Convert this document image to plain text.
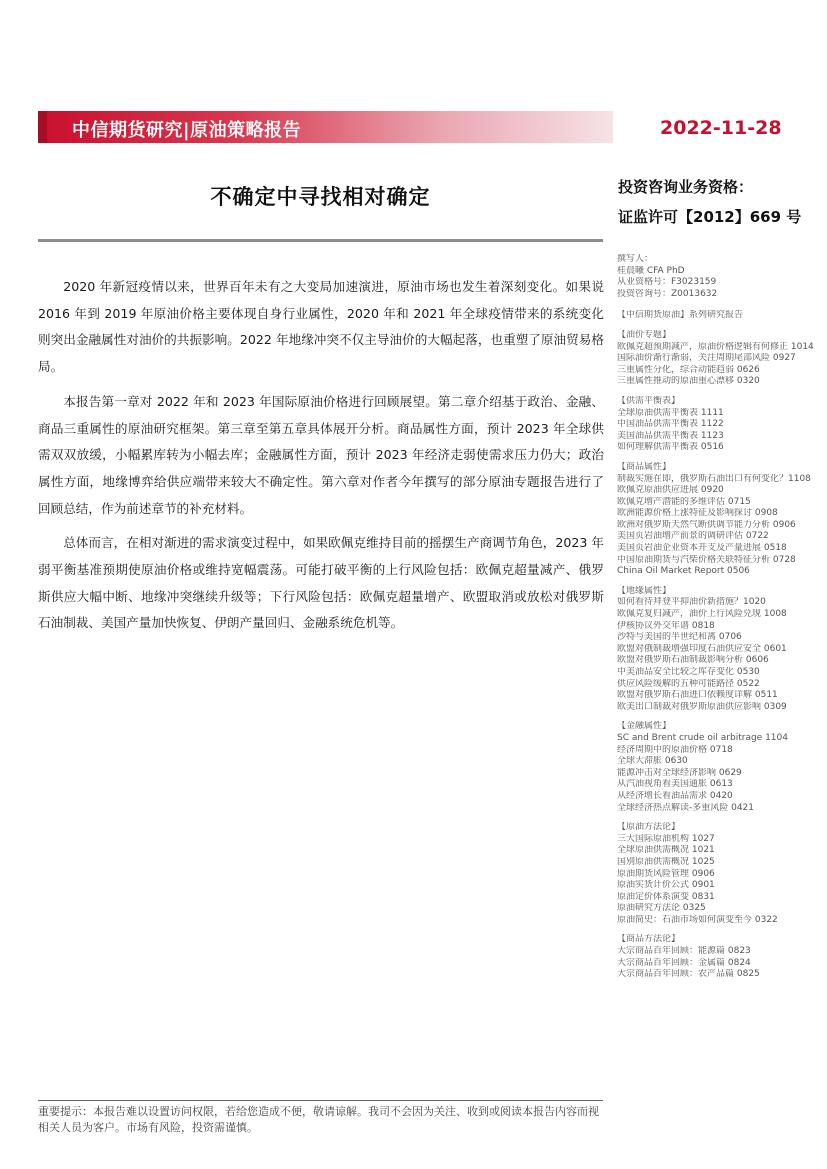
中信期货研究|原油策略报告	2022-11-28
不确定中寻找相对确定	投资咨询业务资格：
证监许可【2012】669 号

2020 年新冠疫情以来，世界百年未有之大变局加速演进，原油市场也发生着深刻变化。如果说 2016 年到 2019 年原油价格主要体现自身行业属性，2020 年和 2021 年全球疫情带来的系统变化则突出金融属性对油价的共振影响。2022 年地缘冲突不仅主导油价的大幅起落，也重塑了原油贸易格局。

本报告第一章对 2022 年和 2023 年国际原油价格进行回顾展望。第二章介绍基于政治、金融、商品三重属性的原油研究框架。第三章至第五章具体展开分析。商品属性方面，预计 2023 年全球供需双双放缓，小幅累库转为小幅去库；金融属性方面，预计 2023 年经济走弱使需求压力仍大；政治属性方面，地缘博弈给供应端带来较大不确定性。第六章对作者今年撰写的部分原油专题报告进行了回顾总结，作为前述章节的补充材料。

总体而言，在相对渐进的需求演变过程中，如果欧佩克维持目前的摇摆生产商调节角色，2023 年弱平衡基准预期使原油价格或维持宽幅震荡。可能打破平衡的上行风险包括：欧佩克超量减产、俄罗斯供应大幅中断、地缘冲突继续升级等；下行风险包括：欧佩克超量增产、欧盟取消或放松对俄罗斯石油制裁、美国产量加快恢复、伊朗产量回归、金融系统危机等。

撰写人：
桂晨曦 CFA PhD
从业资格号：F3023159
投资咨询号：Z0013632
【中信期货原油】系列研究报告
【油价专题】
欧佩克超预期减产，原油价格逻辑有何修正 1014
国际油价渐行渐弱，关注周期尾部风险 0927
三重属性分化，综合动能趋弱 0626
三重属性推动的原油重心漂移 0320
【供需平衡表】
全球原油供需平衡表 1111
中国油品供需平衡表 1122
美国油品供需平衡表 1123
如何理解供需平衡表 0516
【商品属性】
制裁实施在即，俄罗斯石油出口有何变化？1108
欧佩克原油供应进展 0920
欧佩克增产潜能的多维评估 0715
欧洲能源价格上涨特征及影响探讨 0908
欧洲对俄罗斯天然气断供调节能力分析 0906
美国页岩油增产前景的调研评估 0722
美国页岩油企业资本开支及产量进展 0518
中国原油期货与汽柴价格关联特征分析 0728
China Oil Market Report 0506
【地缘属性】
如何看待拜登平抑油价新措施？1020
欧佩克复归减产，油价上行风险兑现 1008
伊核协议外交年谱 0818
沙特与美国的半世纪和离 0706
欧盟对俄制裁增强印度石油供应安全 0601
欧盟对俄罗斯石油制裁影响分析 0606
中美油品安全比较之库存变化 0530
供应风险缓解的五种可能路径 0522
欧盟对俄罗斯石油进口依赖度详解 0511
欧美出口制裁对俄罗斯原油供应影响 0309
【金融属性】
SC and Brent crude oil arbitrage 1104
经济周期中的原油价格 0718
全球大滞胀 0630
能源冲击对全球经济影响 0629
从汽油视角看美国通胀 0613
从经济增长看油品需求 0420
全球经济热点解读-多重风险 0421
【原油方法论】
三大国际原油机构 1027
全球原油供需概况 1021
国别原油供需概况 1025
原油期货风险管理 0906
原油实货计价公式 0901
原油定价体系演变 0831
原油研究方法论 0325
原油简史：石油市场如何演变至今 0322
【商品方法论】
大宗商品百年回顾：能源篇 0823
大宗商品百年回顾：金属篇 0824
大宗商品百年回顾：农产品篇 0825
重要提示：本报告难以设置访问权限，若给您造成不便，敬请谅解。我司不会因为关注、收到或阅读本报告内容而视相关人员为客户。市场有风险，投资需谨慎。
